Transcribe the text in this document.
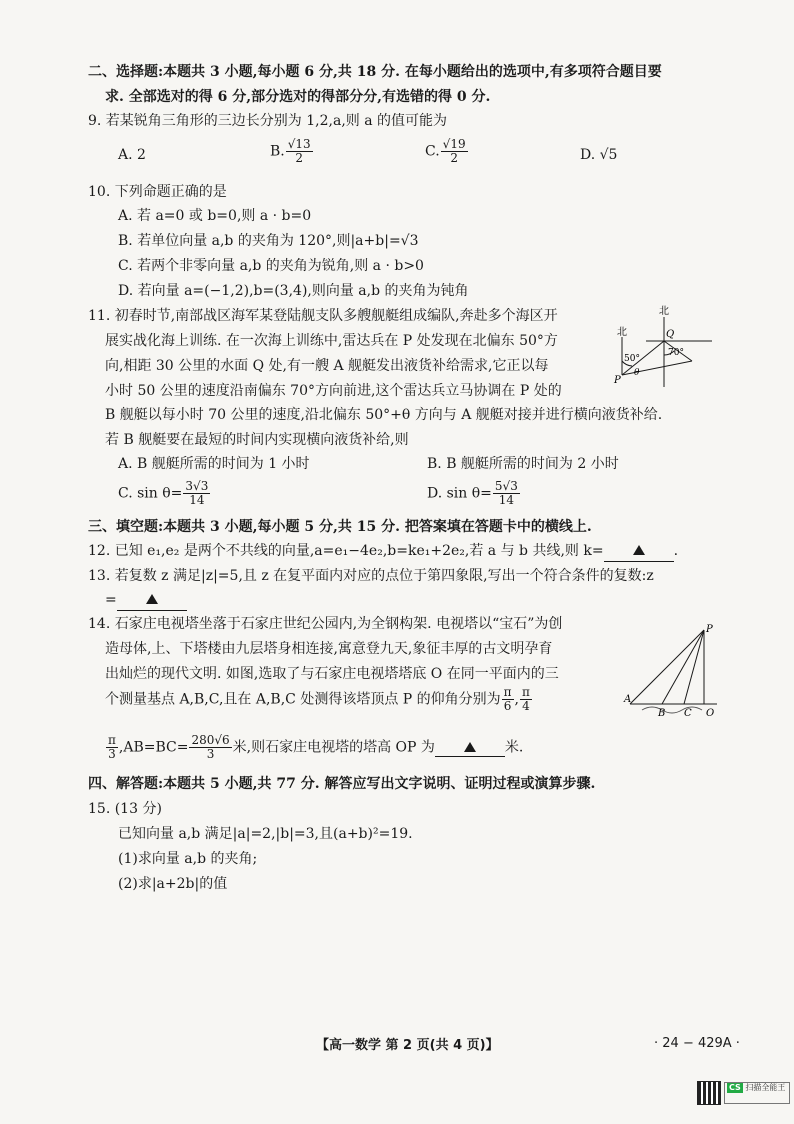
二、选择题:本题共 3 小题,每小题 6 分,共 18 分. 在每小题给出的选项中,有多项符合题目要
求. 全部选对的得 6 分,部分选对的得部分分,有选错的得 0 分.
9. 若某锐角三角形的三边长分别为 1,2,a,则 a 的值可能为
A. 2	B. $\frac{√13}{2}$	C. $\frac{√19}{2}$	D. √5
10. 下列命题正确的是
A. 若 a=0 或 b=0,则 a · b=0
B. 若单位向量 a,b 的夹角为 120°,则|a+b|=√3
C. 若两个非零向量 a,b 的夹角为锐角,则 a · b>0
D. 若向量 a=(−1,2),b=(3,4),则向量 a,b 的夹角为钝角
11. 初春时节,南部战区海军某登陆舰支队多艘舰艇组成编队,奔赴多个海区开
展实战化海上训练. 在一次海上训练中,雷达兵在 P 处发现在北偏东 50°方
向,相距 30 公里的水面 Q 处,有一艘 A 舰艇发出液货补给需求,它正以每
小时 50 公里的速度沿南偏东 70°方向前进,这个雷达兵立马协调在 P 处的
B 舰艇以每小时 70 公里的速度,沿北偏东 50°+θ 方向与 A 舰艇对接并进行横向液货补给.
若 B 舰艇要在最短的时间内实现横向液货补给,则
A. B 舰艇所需的时间为 1 小时	B. B 舰艇所需的时间为 2 小时
C. $\sin \theta= \frac{3√3}{14}$	D. $\sin \theta= \frac{5√3}{14}$
北
北	Q
P
70°
50°
θ
三、填空题:本题共 3 小题,每小题 5 分,共 15 分. 把答案填在答题卡中的横线上.
12. 已知 e₁,e₂ 是两个不共线的向量,a=e₁−4e₂,b=ke₁+2e₂,若 a 与 b 共线,则 k=	.
13. 若复数 z 满足|z|=5,且 z 在复平面内对应的点位于第四象限,写出一个符合条件的复数:z
=
14. 石家庄电视塔坐落于石家庄世纪公园内,为全钢构架. 电视塔以“宝石”为创
造母体,上、下塔楼由九层塔身相连接,寓意登九天,象征丰厚的古文明孕育
出灿烂的现代文明. 如图,选取了与石家庄电视塔塔底 O 在同一平面内的三
个测量基点 A,B,C,且在 A,B,C 处测得该塔顶点 P 的仰角分别为 $\frac{\pi}{6}$ , $\frac{\pi}{4}$
$\frac{\pi}{3} ,AB=BC= \frac{280√6}{3}$ 米,则石家庄电视塔的塔高 OP 为	米.
P
A
B C O
四、解答题:本题共 5 小题,共 77 分. 解答应写出文字说明、证明过程或演算步骤.
15. (13 分)
已知向量 a,b 满足|a|=2,|b|=3,且(a+b)²=19.
(1)求向量 a,b 的夹角;
(2)求|a+2b|的值
【高一数学 第 2 页(共 4 页)】	· 24 − 429A ·
CS 扫描全能王
